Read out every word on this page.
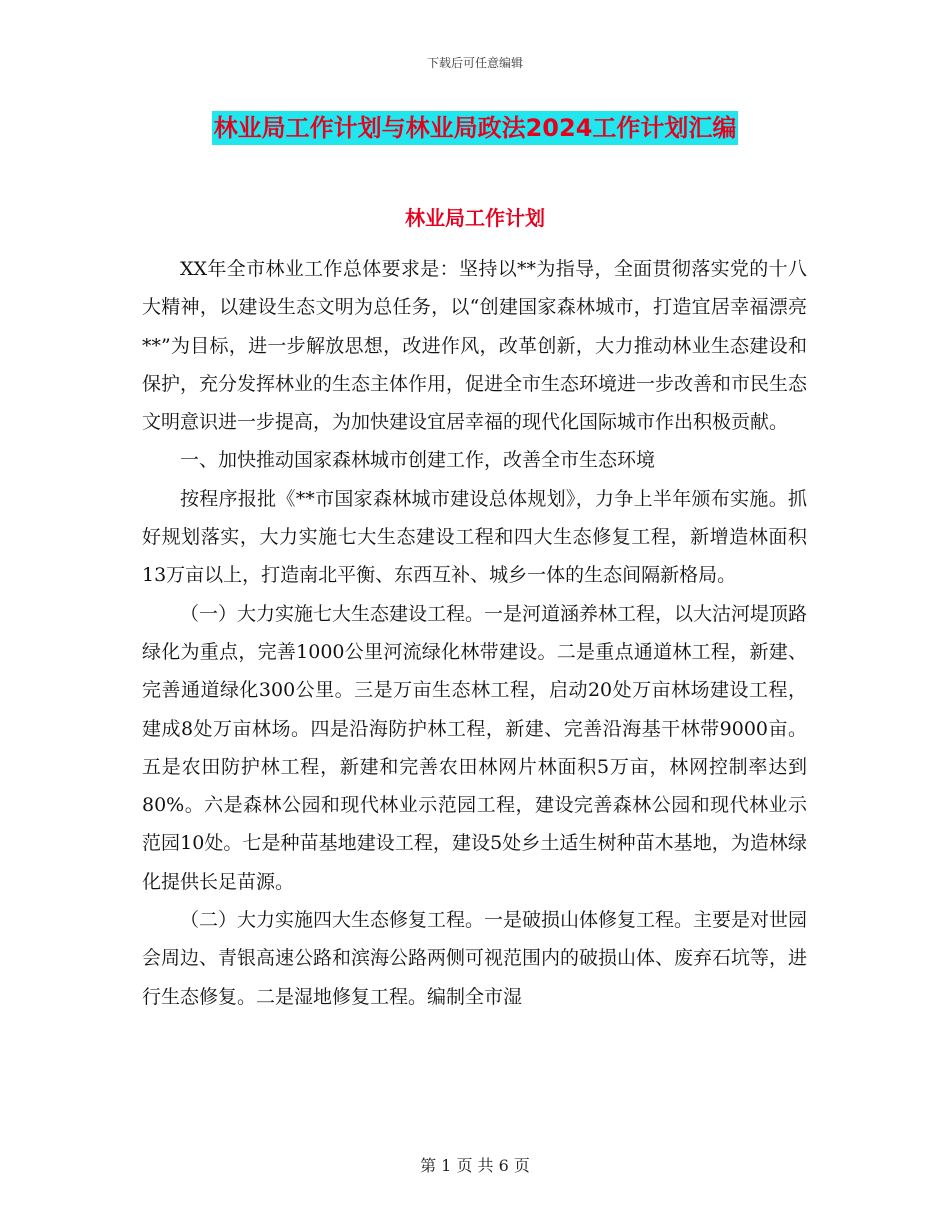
下载后可任意编辑
林业局工作计划与林业局政法2024工作计划汇编
林业局工作计划

XX年全市林业工作总体要求是：坚持以**为指导，全面贯彻落实党的十八大精神，以建设生态文明为总任务，以“创建国家森林城市，打造宜居幸福漂亮**”为目标，进一步解放思想，改进作风，改革创新，大力推动林业生态建设和保护，充分发挥林业的生态主体作用，促进全市生态环境进一步改善和市民生态文明意识进一步提高，为加快建设宜居幸福的现代化国际城市作出积极贡献。

一、加快推动国家森林城市创建工作，改善全市生态环境

按程序报批《**市国家森林城市建设总体规划》，力争上半年颁布实施。抓好规划落实，大力实施七大生态建设工程和四大生态修复工程，新增造林面积13万亩以上，打造南北平衡、东西互补、城乡一体的生态间隔新格局。

（一）大力实施七大生态建设工程。一是河道涵养林工程，以大沽河堤顶路绿化为重点，完善1000公里河流绿化林带建设。二是重点通道林工程，新建、完善通道绿化300公里。三是万亩生态林工程，启动20处万亩林场建设工程，建成8处万亩林场。四是沿海防护林工程，新建、完善沿海基干林带9000亩。五是农田防护林工程，新建和完善农田林网片林面积5万亩，林网控制率达到80%。六是森林公园和现代林业示范园工程，建设完善森林公园和现代林业示范园10处。七是种苗基地建设工程，建设5处乡土适生树种苗木基地，为造林绿化提供长足苗源。

（二）大力实施四大生态修复工程。一是破损山体修复工程。主要是对世园会周边、青银高速公路和滨海公路两侧可视范围内的破损山体、废弃石坑等，进行生态修复。二是湿地修复工程。编制全市湿

第 1 页 共 6 页
